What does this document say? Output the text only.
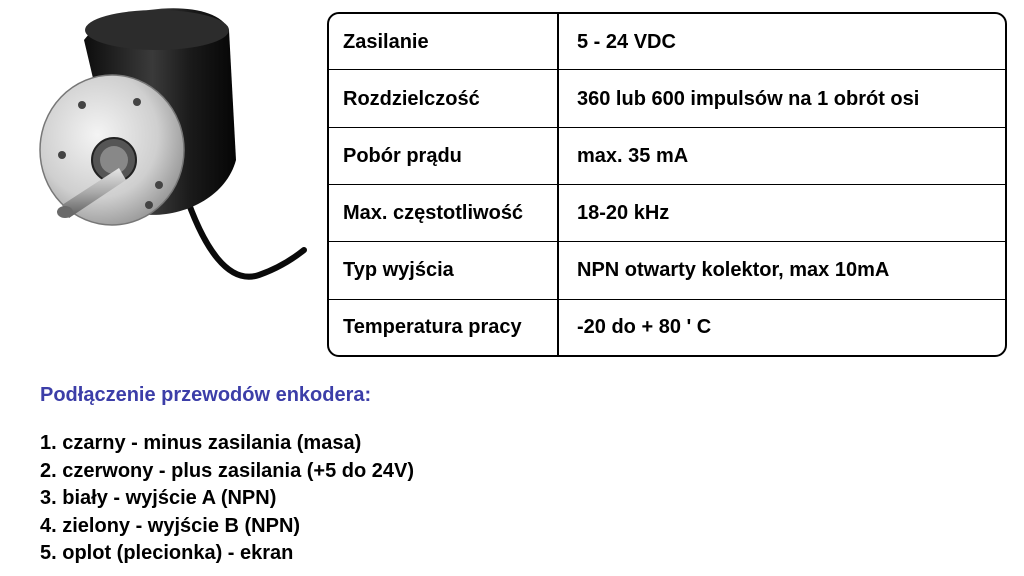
Zasilanie	5 - 24 VDC
Rozdzielczość	360 lub 600 impulsów na 1 obrót osi
Pobór prądu	max. 35 mA
Max. częstotliwość	18-20 kHz
Typ wyjścia	NPN otwarty kolektor, max 10mA
Temperatura pracy	-20 do + 80 ' C
Podłączenie przewodów enkodera:
1. czarny - minus zasilania (masa)
2. czerwony - plus zasilania (+5 do 24V)
3. biały - wyjście A (NPN)
4. zielony - wyjście B (NPN)
5. oplot (plecionka) - ekran
